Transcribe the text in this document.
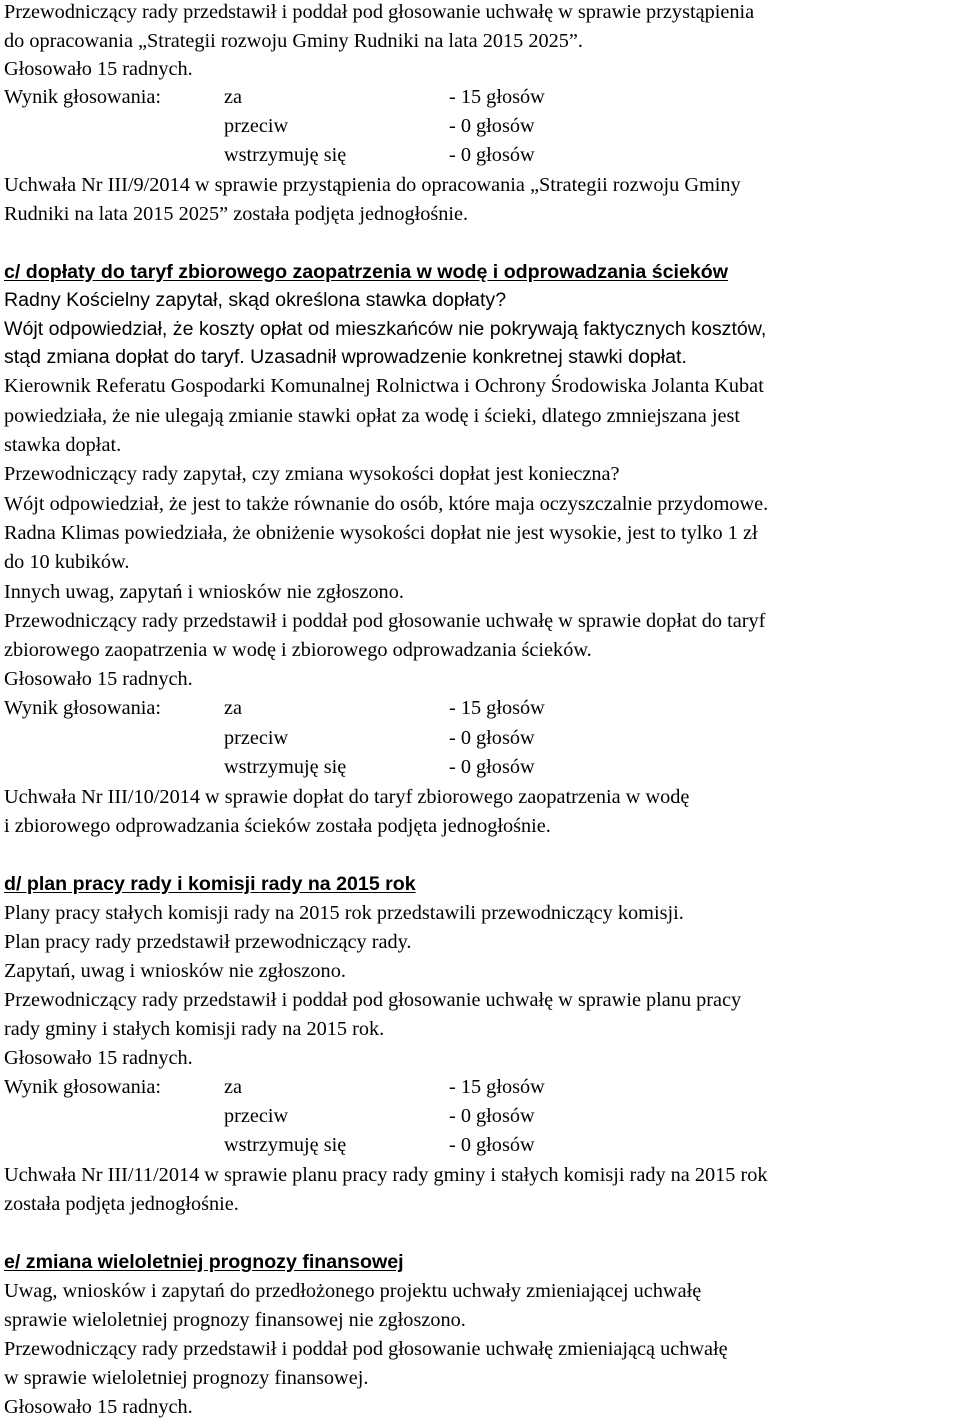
Przewodniczący rady przedstawił i poddał pod głosowanie uchwałę w sprawie przystąpienia
do opracowania „Strategii rozwoju Gminy Rudniki na lata 2015 2025”.
Głosowało 15 radnych.
Wynik głosowania:	za	- 15 głosów
przeciw	- 0 głosów
wstrzymuję się	- 0 głosów
Uchwała Nr III/9/2014 w sprawie przystąpienia do opracowania „Strategii rozwoju Gminy
Rudniki na lata 2015 2025” została podjęta jednogłośnie.
c/ dopłaty do taryf zbiorowego zaopatrzenia w wodę i odprowadzania ścieków
Radny Kościelny zapytał, skąd określona stawka dopłaty?
Wójt odpowiedział, że koszty opłat od mieszkańców nie pokrywają faktycznych kosztów,
stąd zmiana dopłat do taryf. Uzasadnił wprowadzenie konkretnej stawki dopłat.
Kierownik Referatu Gospodarki Komunalnej Rolnictwa i Ochrony Środowiska Jolanta Kubat
powiedziała, że nie ulegają zmianie stawki opłat za wodę i ścieki, dlatego zmniejszana jest
stawka dopłat.
Przewodniczący rady zapytał, czy zmiana wysokości dopłat jest konieczna?
Wójt odpowiedział, że jest to także równanie do osób, które maja oczyszczalnie przydomowe.
Radna Klimas powiedziała, że obniżenie wysokości dopłat nie jest wysokie, jest to tylko 1 zł
do 10 kubików.
Innych uwag, zapytań i wniosków nie zgłoszono.
Przewodniczący rady przedstawił i poddał pod głosowanie uchwałę w sprawie dopłat do taryf
zbiorowego zaopatrzenia w wodę i zbiorowego odprowadzania ścieków.
Głosowało 15 radnych.
Wynik głosowania:	za	- 15 głosów
przeciw	- 0 głosów
wstrzymuję się	- 0 głosów
Uchwała Nr III/10/2014 w sprawie dopłat do taryf zbiorowego zaopatrzenia w wodę
i zbiorowego odprowadzania ścieków została podjęta jednogłośnie.
d/ plan pracy rady i komisji rady na 2015 rok
Plany pracy stałych komisji rady na 2015 rok przedstawili przewodniczący komisji.
Plan pracy rady przedstawił przewodniczący rady.
Zapytań, uwag i wniosków nie zgłoszono.
Przewodniczący rady przedstawił i poddał pod głosowanie uchwałę w sprawie planu pracy
rady gminy i stałych komisji rady na 2015 rok.
Głosowało 15 radnych.
Wynik głosowania:	za	- 15 głosów
przeciw	- 0 głosów
wstrzymuję się	- 0 głosów
Uchwała Nr III/11/2014 w sprawie planu pracy rady gminy i stałych komisji rady na 2015 rok
została podjęta jednogłośnie.
e/ zmiana wieloletniej prognozy finansowej
Uwag, wniosków i zapytań do przedłożonego projektu uchwały zmieniającej uchwałę
sprawie wieloletniej prognozy finansowej nie zgłoszono.
Przewodniczący rady przedstawił i poddał pod głosowanie uchwałę zmieniającą uchwałę
w sprawie wieloletniej prognozy finansowej.
Głosowało 15 radnych.
